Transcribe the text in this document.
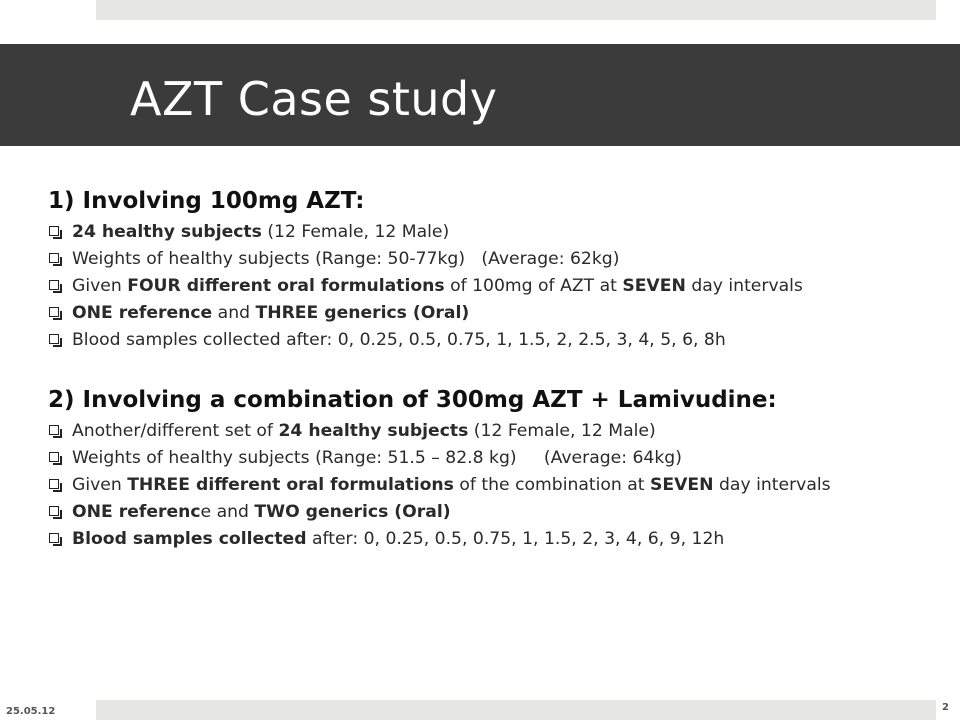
AZT Case study
1) Involving 100mg AZT:
24 healthy subjects (12 Female, 12 Male)
Weights of healthy subjects (Range: 50-77kg)   (Average: 62kg)
Given FOUR different oral formulations of 100mg of AZT at SEVEN day intervals
ONE reference and THREE generics (Oral)
Blood samples collected after: 0, 0.25, 0.5, 0.75, 1, 1.5, 2, 2.5, 3, 4, 5, 6, 8h
2) Involving a combination of 300mg AZT + Lamivudine:
Another/different set of 24 healthy subjects (12 Female, 12 Male)
Weights of healthy subjects (Range: 51.5 – 82.8 kg)     (Average: 64kg)
Given THREE different oral formulations of the combination at SEVEN day intervals
ONE reference and TWO generics (Oral)
Blood samples collected after: 0, 0.25, 0.5, 0.75, 1, 1.5, 2, 3, 4, 6, 9, 12h
25.05.12	2
